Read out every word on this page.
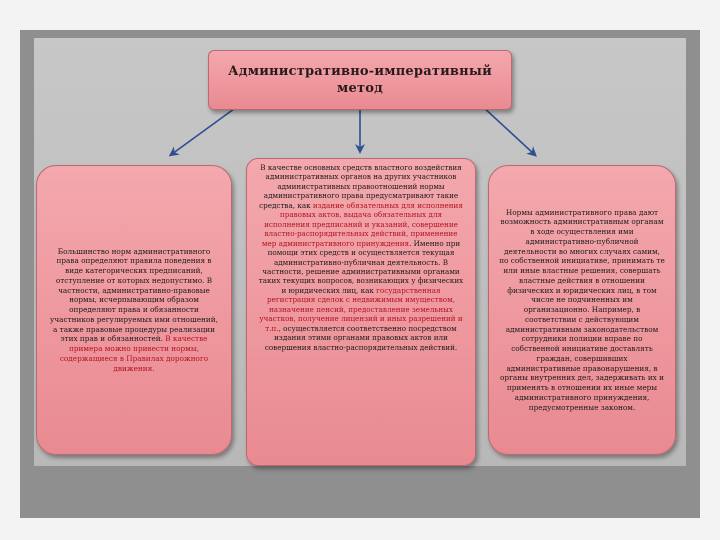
Административно-императивный метод
Большинство норм административного права определяют правила поведения в виде категорических предписаний, отступление от которых недопустимо. В частности, административно-правовые нормы, исчерпывающим образом определяют права и обязанности участников регулируемых ими отношений, а также правовые процедуры реализации этих прав и обязанностей. В качестве примера можно привести нормы, содержащиеся в Правилах дорожного движения.
В качестве основных средств властного воздействия административных органов на других участников административных правоотношений нормы административного права предусматривают такие средства, как издание обязательных для исполнения правовых актов, выдача обязательных для исполнения предписаний и указаний, совершение властно-распорядительных действий, применение мер административного принуждения. Именно при помощи этих средств и осуществляется текущая административно-публичная деятельность. В частности, решение административными органами таких текущих вопросов, возникающих у физических и юридических лиц, как государственная регистрация сделок с недвижимым имуществом, назначение пенсий, предоставление земельных участков, получение лицензий и иных разрешений и т.п., осуществляется соответственно посредством издания этими органами правовых актов или совершения властно-распорядительных действий.
Нормы административного права дают возможность административным органам в ходе осуществления ими административно-публичной деятельности во многих случаях самим, по собственной инициативе, принимать те или иные властные решения, совершать властные действия в отношении физических и юридических лиц, в том числе не подчиненных им организационно. Например, в соответствии с действующим административным законодательством сотрудники полиции вправе по собственной инициативе доставлять граждан, совершивших административные правонарушения, в органы внутренних дел, задерживать их и применять в отношении их иные меры административного принуждения, предусмотренные законом.
